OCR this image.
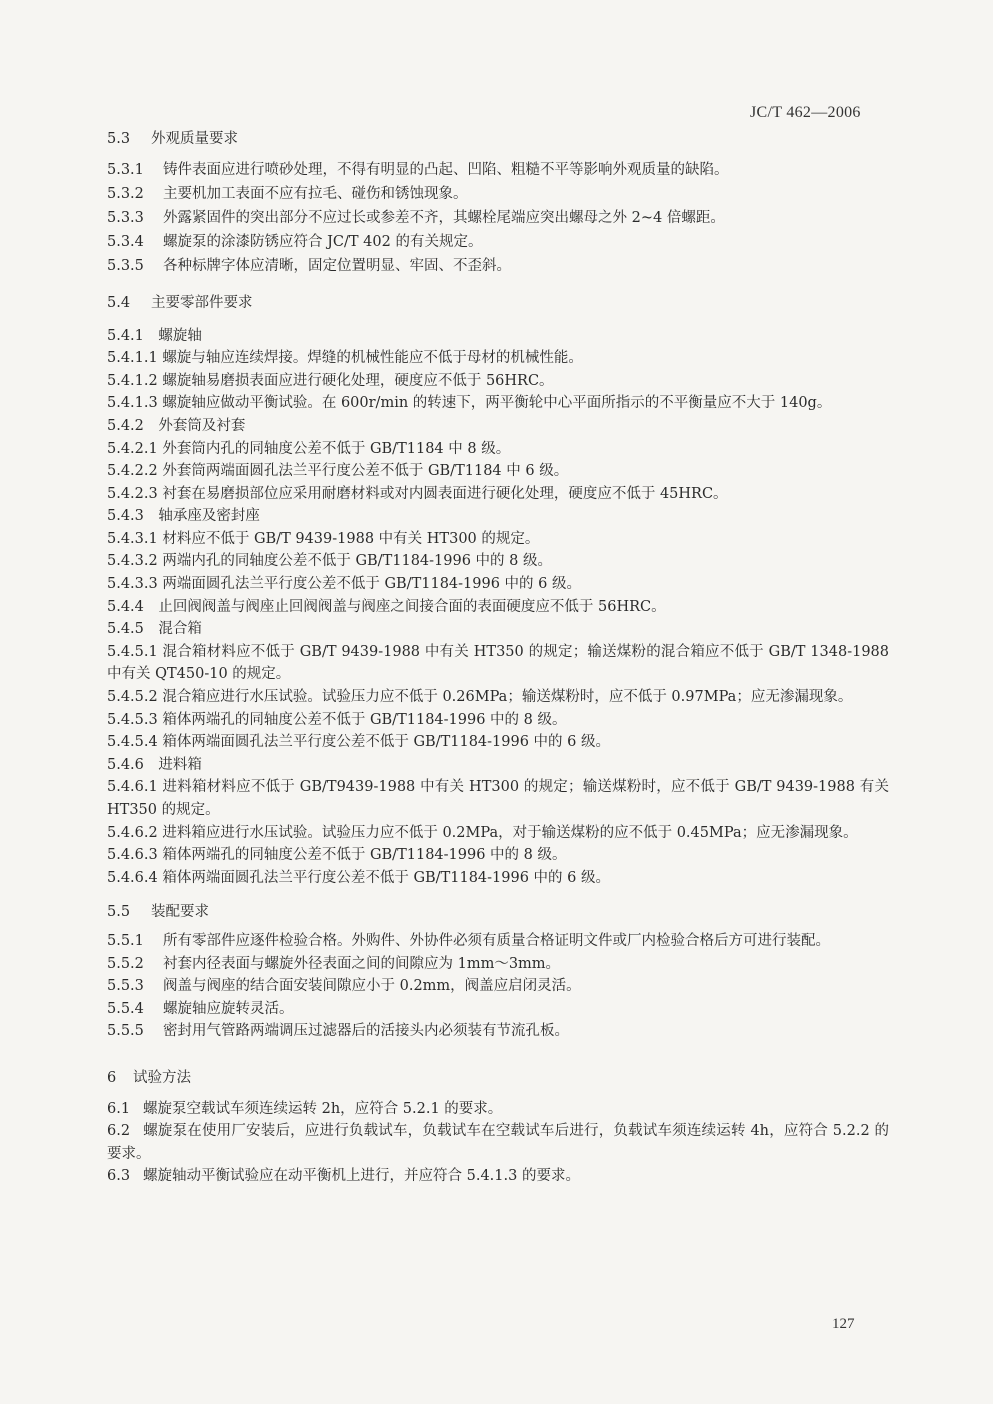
JC/T 462—2006

5.3 外观质量要求

5.3.1 铸件表面应进行喷砂处理，不得有明显的凸起、凹陷、粗糙不平等影响外观质量的缺陷。

5.3.2 主要机加工表面不应有拉毛、碰伤和锈蚀现象。

5.3.3 外露紧固件的突出部分不应过长或参差不齐，其螺栓尾端应突出螺母之外 2~4 倍螺距。

5.3.4 螺旋泵的涂漆防锈应符合 JC/T 402 的有关规定。

5.3.5 各种标牌字体应清晰，固定位置明显、牢固、不歪斜。

5.4 主要零部件要求

5.4.1　螺旋轴

5.4.1.1 螺旋与轴应连续焊接。焊缝的机械性能应不低于母材的机械性能。

5.4.1.2 螺旋轴易磨损表面应进行硬化处理，硬度应不低于 56HRC。

5.4.1.3 螺旋轴应做动平衡试验。在 600r/min 的转速下，两平衡轮中心平面所指示的不平衡量应不大于 140g。

5.4.2　外套筒及衬套

5.4.2.1 外套筒内孔的同轴度公差不低于 GB/T1184 中 8 级。

5.4.2.2 外套筒两端面圆孔法兰平行度公差不低于 GB/T1184 中 6 级。

5.4.2.3 衬套在易磨损部位应采用耐磨材料或对内圆表面进行硬化处理，硬度应不低于 45HRC。

5.4.3　轴承座及密封座

5.4.3.1 材料应不低于 GB/T 9439-1988 中有关 HT300 的规定。

5.4.3.2 两端内孔的同轴度公差不低于 GB/T1184-1996 中的 8 级。

5.4.3.3 两端面圆孔法兰平行度公差不低于 GB/T1184-1996 中的 6 级。

5.4.4　止回阀阀盖与阀座止回阀阀盖与阀座之间接合面的表面硬度应不低于 56HRC。

5.4.5　混合箱

5.4.5.1 混合箱材料应不低于 GB/T 9439-1988 中有关 HT350 的规定；输送煤粉的混合箱应不低于 GB/T 1348-1988 中有关 QT450-10 的规定。

5.4.5.2 混合箱应进行水压试验。试验压力应不低于 0.26MPa；输送煤粉时，应不低于 0.97MPa；应无渗漏现象。

5.4.5.3 箱体两端孔的同轴度公差不低于 GB/T1184-1996 中的 8 级。

5.4.5.4 箱体两端面圆孔法兰平行度公差不低于 GB/T1184-1996 中的 6 级。

5.4.6　进料箱

5.4.6.1 进料箱材料应不低于 GB/T9439-1988 中有关 HT300 的规定；输送煤粉时，应不低于 GB/T 9439-1988 有关 HT350 的规定。

5.4.6.2 进料箱应进行水压试验。试验压力应不低于 0.2MPa，对于输送煤粉的应不低于 0.45MPa；应无渗漏现象。

5.4.6.3 箱体两端孔的同轴度公差不低于 GB/T1184-1996 中的 8 级。

5.4.6.4 箱体两端面圆孔法兰平行度公差不低于 GB/T1184-1996 中的 6 级。

5.5 装配要求

5.5.1 所有零部件应逐件检验合格。外购件、外协件必须有质量合格证明文件或厂内检验合格后方可进行装配。

5.5.2 衬套内径表面与螺旋外径表面之间的间隙应为 1mm～3mm。

5.5.3 阀盖与阀座的结合面安装间隙应小于 0.2mm，阀盖应启闭灵活。

5.5.4 螺旋轴应旋转灵活。

5.5.5 密封用气管路两端调压过滤器后的活接头内必须装有节流孔板。

6 试验方法

6.1 螺旋泵空载试车须连续运转 2h，应符合 5.2.1 的要求。

6.2 螺旋泵在使用厂安装后，应进行负载试车，负载试车在空载试车后进行，负载试车须连续运转 4h，应符合 5.2.2 的要求。

6.3 螺旋轴动平衡试验应在动平衡机上进行，并应符合 5.4.1.3 的要求。

127
